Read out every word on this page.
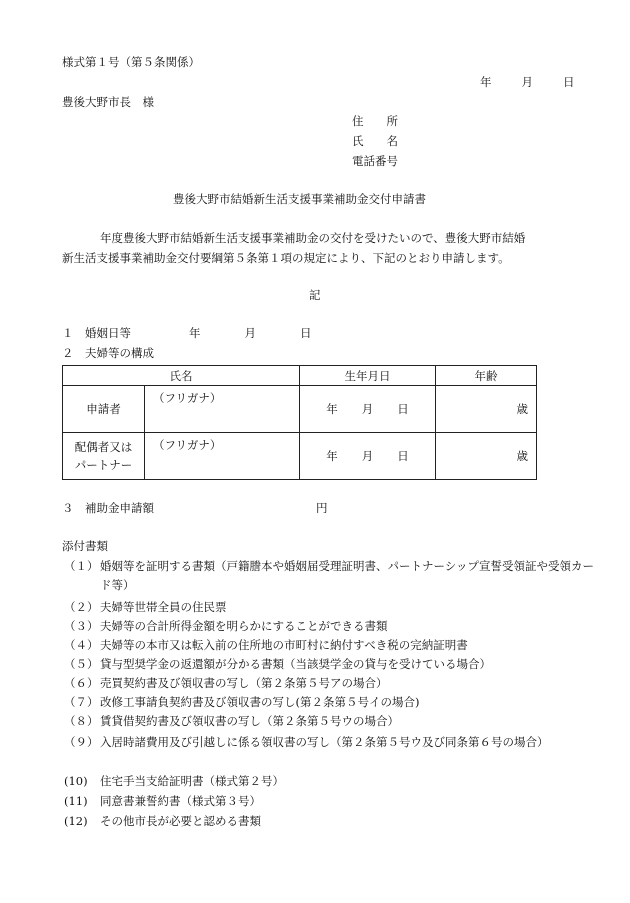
様式第１号（第５条関係）
年	月	日
豊後大野市長　様
住　　所
氏　　名
電話番号
豊後大野市結婚新生活支援事業補助金交付申請書
年度豊後大野市結婚新生活支援事業補助金の交付を受けたいので、豊後大野市結婚
新生活支援事業補助金交付要綱第５条第１項の規定により、下記のとおり申請します。
記
１　婚姻日等	年	月	日
２　夫婦等の構成
氏名		生年月日	年齢
申請者	（フリガナ）	年 月 日	歳
配偶者又は
パートナー	（フリガナ）	年 月 日	歳
３　補助金申請額	円
添付書類
（１） 婚姻等を証明する書類（戸籍謄本や婚姻届受理証明書、パートナーシップ宣誓受領証や受領カード等）
（２） 夫婦等世帯全員の住民票
（３） 夫婦等の合計所得金額を明らかにすることができる書類
（４） 夫婦等の本市又は転入前の住所地の市町村に納付すべき税の完納証明書
（５） 貸与型奨学金の返還額が分かる書類（当該奨学金の貸与を受けている場合）
（６） 売買契約書及び領収書の写し（第２条第５号アの場合）
（７） 改修工事請負契約書及び領収書の写し(第２条第５号イの場合)
（８） 賃貸借契約書及び領収書の写し（第２条第５号ウの場合）
（９） 入居時諸費用及び引越しに係る領収書の写し（第２条第５号ウ及び同条第６号の場合）
(10) 住宅手当支給証明書（様式第２号）
(11) 同意書兼誓約書（様式第３号）
(12) その他市長が必要と認める書類
